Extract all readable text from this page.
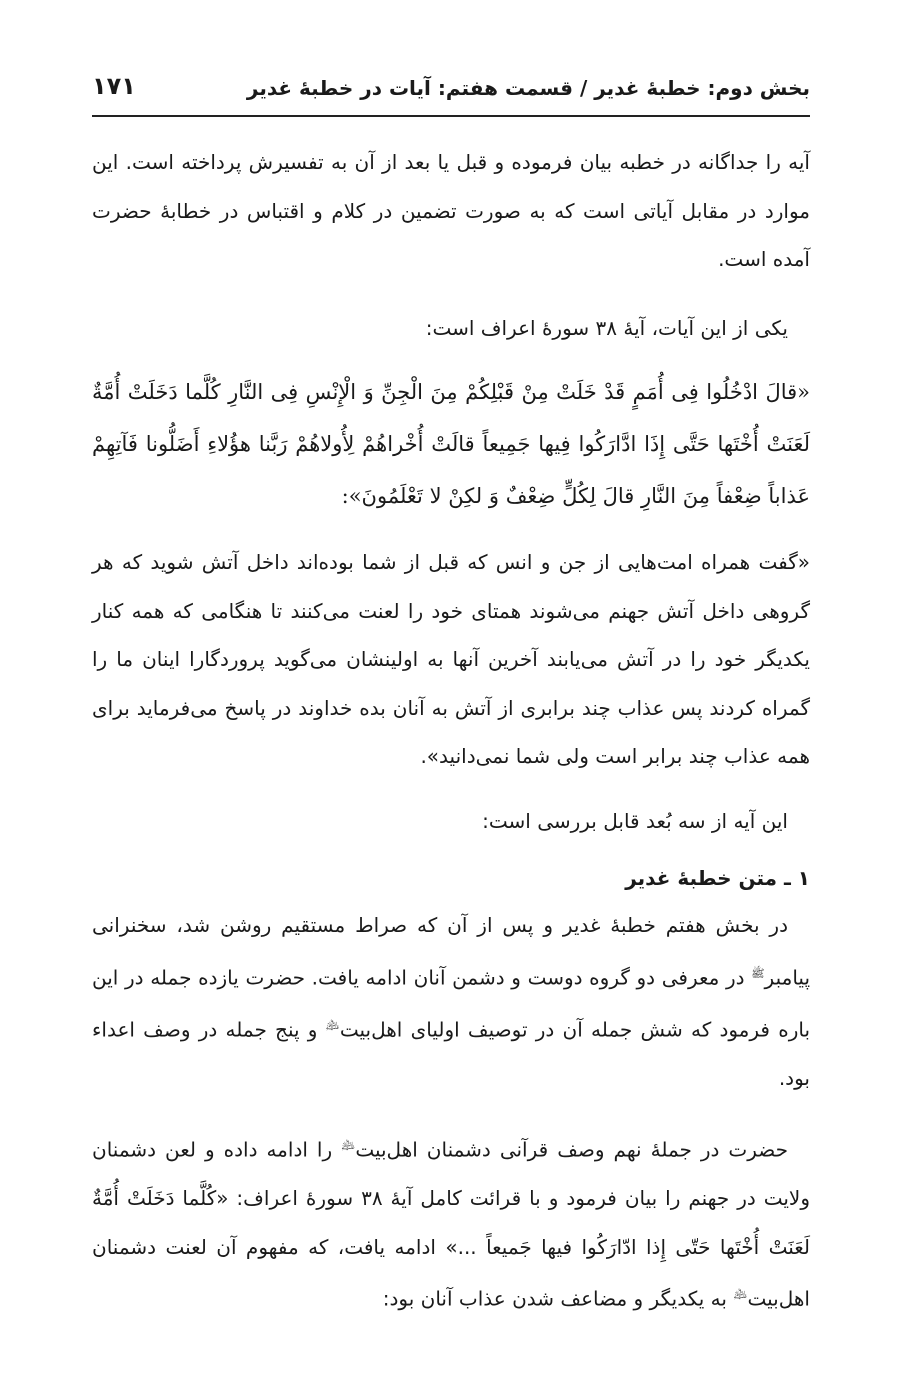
بخش دوم: خطبۀ غدیر / قسمت هفتم: آیات در خطبۀ غدیر
۱۷۱

آیه را جداگانه در خطبه بیان فرموده و قبل یا بعد از آن به تفسیرش پرداخته است. این موارد در مقابل آیاتی است که به صورت تضمین در کلام و اقتباس در خطابۀ حضرت آمده است.

یکی از این آیات، آیۀ ۳۸ سورۀ اعراف است:

«قالَ ادْخُلُوا فِی أُمَمٍ قَدْ خَلَتْ مِنْ قَبْلِکُمْ مِنَ الْجِنِّ وَ الْإِنْسِ فِی النَّارِ کُلَّما دَخَلَتْ أُمَّةٌ لَعَنَتْ أُخْتَها حَتَّی إِذَا ادَّارَکُوا فِیها جَمِیعاً قالَتْ أُخْراهُمْ لِأُولاهُمْ رَبَّنا هؤُلاءِ أَضَلُّونا فَآتِهِمْ عَذاباً ضِعْفاً مِنَ النَّارِ قالَ لِکُلٍّ ضِعْفٌ وَ لکِنْ لا تَعْلَمُونَ»:

«گفت همراه امت‌هایی از جن و انس که قبل از شما بوده‌اند داخل آتش شوید که هر گروهی داخل آتش جهنم می‌شوند همتای خود را لعنت می‌کنند تا هنگامی که همه کنار یکدیگر خود را در آتش می‌یابند آخرین آنها به اولینشان می‌گوید پروردگارا اینان ما را گمراه کردند پس عذاب چند برابری از آتش به آنان بده خداوند در پاسخ می‌فرماید برای همه عذاب چند برابر است ولی شما نمی‌دانید».

این آیه از سه بُعد قابل بررسی است:

۱ ـ متن خطبۀ غدیر

در بخش هفتم خطبۀ غدیر و پس از آن که صراط مستقیم روشن شد، سخنرانی پیامبر$^ﷺ$ در معرفی دو گروه دوست و دشمن آنان ادامه یافت. حضرت یازده جمله در این باره فرمود که شش جمله آن در توصیف اولیای اهل‌بیت﵇ و پنج جمله در وصف اعداء بود.

حضرت در جملۀ نهم وصف قرآنی دشمنان اهل‌بیت﵇ را ادامه داده و لعن دشمنان ولایت در جهنم را بیان فرمود و با قرائت کامل آیۀ ۳۸ سورۀ اعراف: «کُلَّما دَخَلَتْ أُمَّةٌ لَعَنَتْ أُخْتَها حَتّی إِذا ادّارَکُوا فیها جَمیعاً ...» ادامه یافت، که مفهوم آن لعنت دشمنان اهل‌بیت﵇ به یکدیگر و مضاعف شدن عذاب آنان بود:
